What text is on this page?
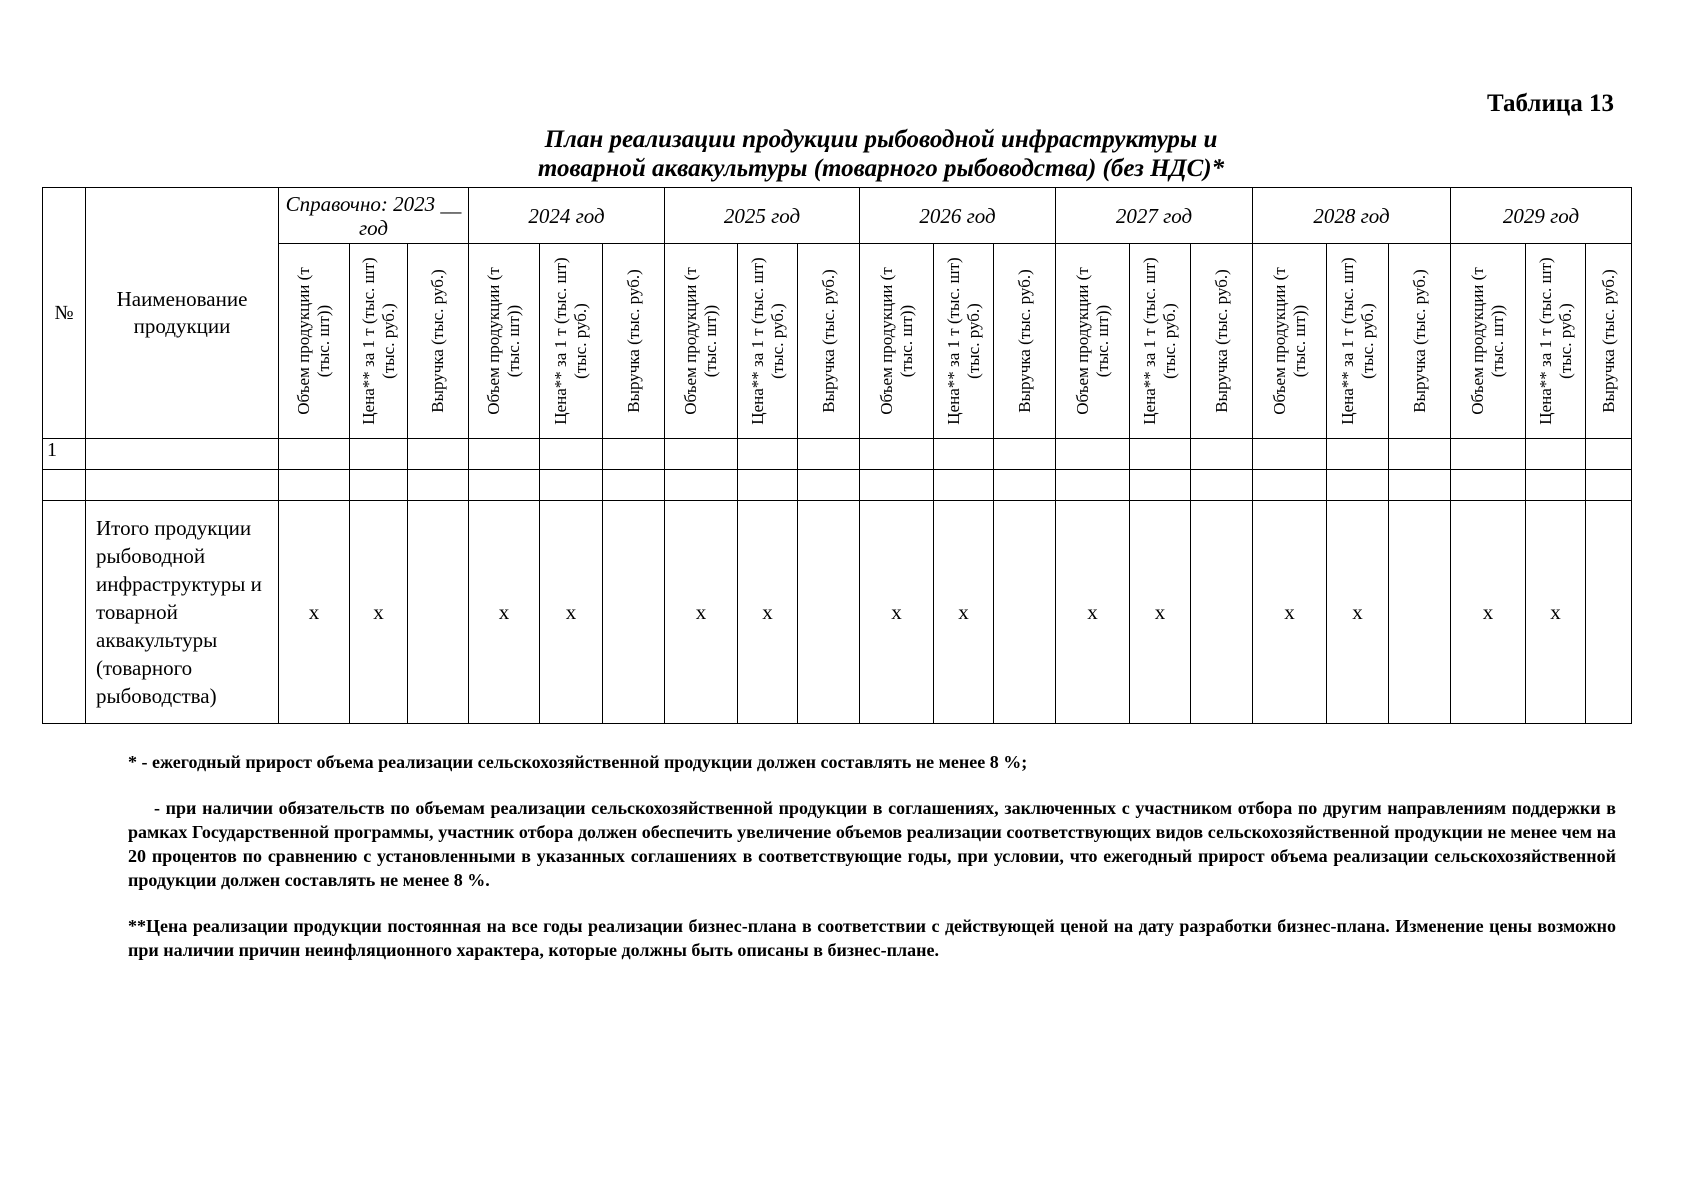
Таблица 13
План реализации продукции рыбоводной инфраструктуры и
товарной аквакультуры (товарного рыбоводства) (без НДС)*
№	Наименование продукции	Справочно: 2023 __ год			2024 год			2025 год			2026 год			2027 год			2028 год			2029 год		

		Объем продукции (т (тыс. шт))	Цена** за 1 т (тыс. шт) (тыс. руб.)	Выручка (тыс. руб.)	Объем продукции (т (тыс. шт))	Цена** за 1 т (тыс. шт) (тыс. руб.)	Выручка (тыс. руб.)	Объем продукции (т (тыс. шт))	Цена** за 1 т (тыс. шт) (тыс. руб.)	Выручка (тыс. руб.)	Объем продукции (т (тыс. шт))	Цена** за 1 т (тыс. шт) (тыс. руб.)	Выручка (тыс. руб.)	Объем продукции (т (тыс. шт))	Цена** за 1 т (тыс. шт) (тыс. руб.)	Выручка (тыс. руб.)	Объем продукции (т (тыс. шт))	Цена** за 1 т (тыс. шт) (тыс. руб.)	Выручка (тыс. руб.)	Объем продукции (т (тыс. шт))	Цена** за 1 т (тыс. шт) (тыс. руб.)	Выручка (тыс. руб.)

1																						

	Итого продукции рыбоводной инфраструктуры и товарной аквакультуры (товарного рыбоводства)	x	x		x	x		x	x		x	x		x	x		x	x		x	x	

* - ежегодный прирост объема реализации сельскохозяйственной продукции должен составлять не менее 8 %;

- при наличии обязательств по объемам реализации сельскохозяйственной продукции в соглашениях, заключенных с участником отбора по другим направлениям поддержки в рамках Государственной программы, участник отбора должен обеспечить увеличение объемов реализации соответствующих видов сельскохозяйственной продукции не менее чем на 20 процентов по сравнению с установленными в указанных соглашениях в соответствующие годы, при условии, что ежегодный прирост объема реализации сельскохозяйственной продукции должен составлять не менее 8 %.

**Цена реализации продукции постоянная на все годы реализации бизнес-плана в соответствии с действующей ценой на дату разработки бизнес-плана. Изменение цены возможно при наличии причин неинфляционного характера, которые должны быть описаны в бизнес-плане.
